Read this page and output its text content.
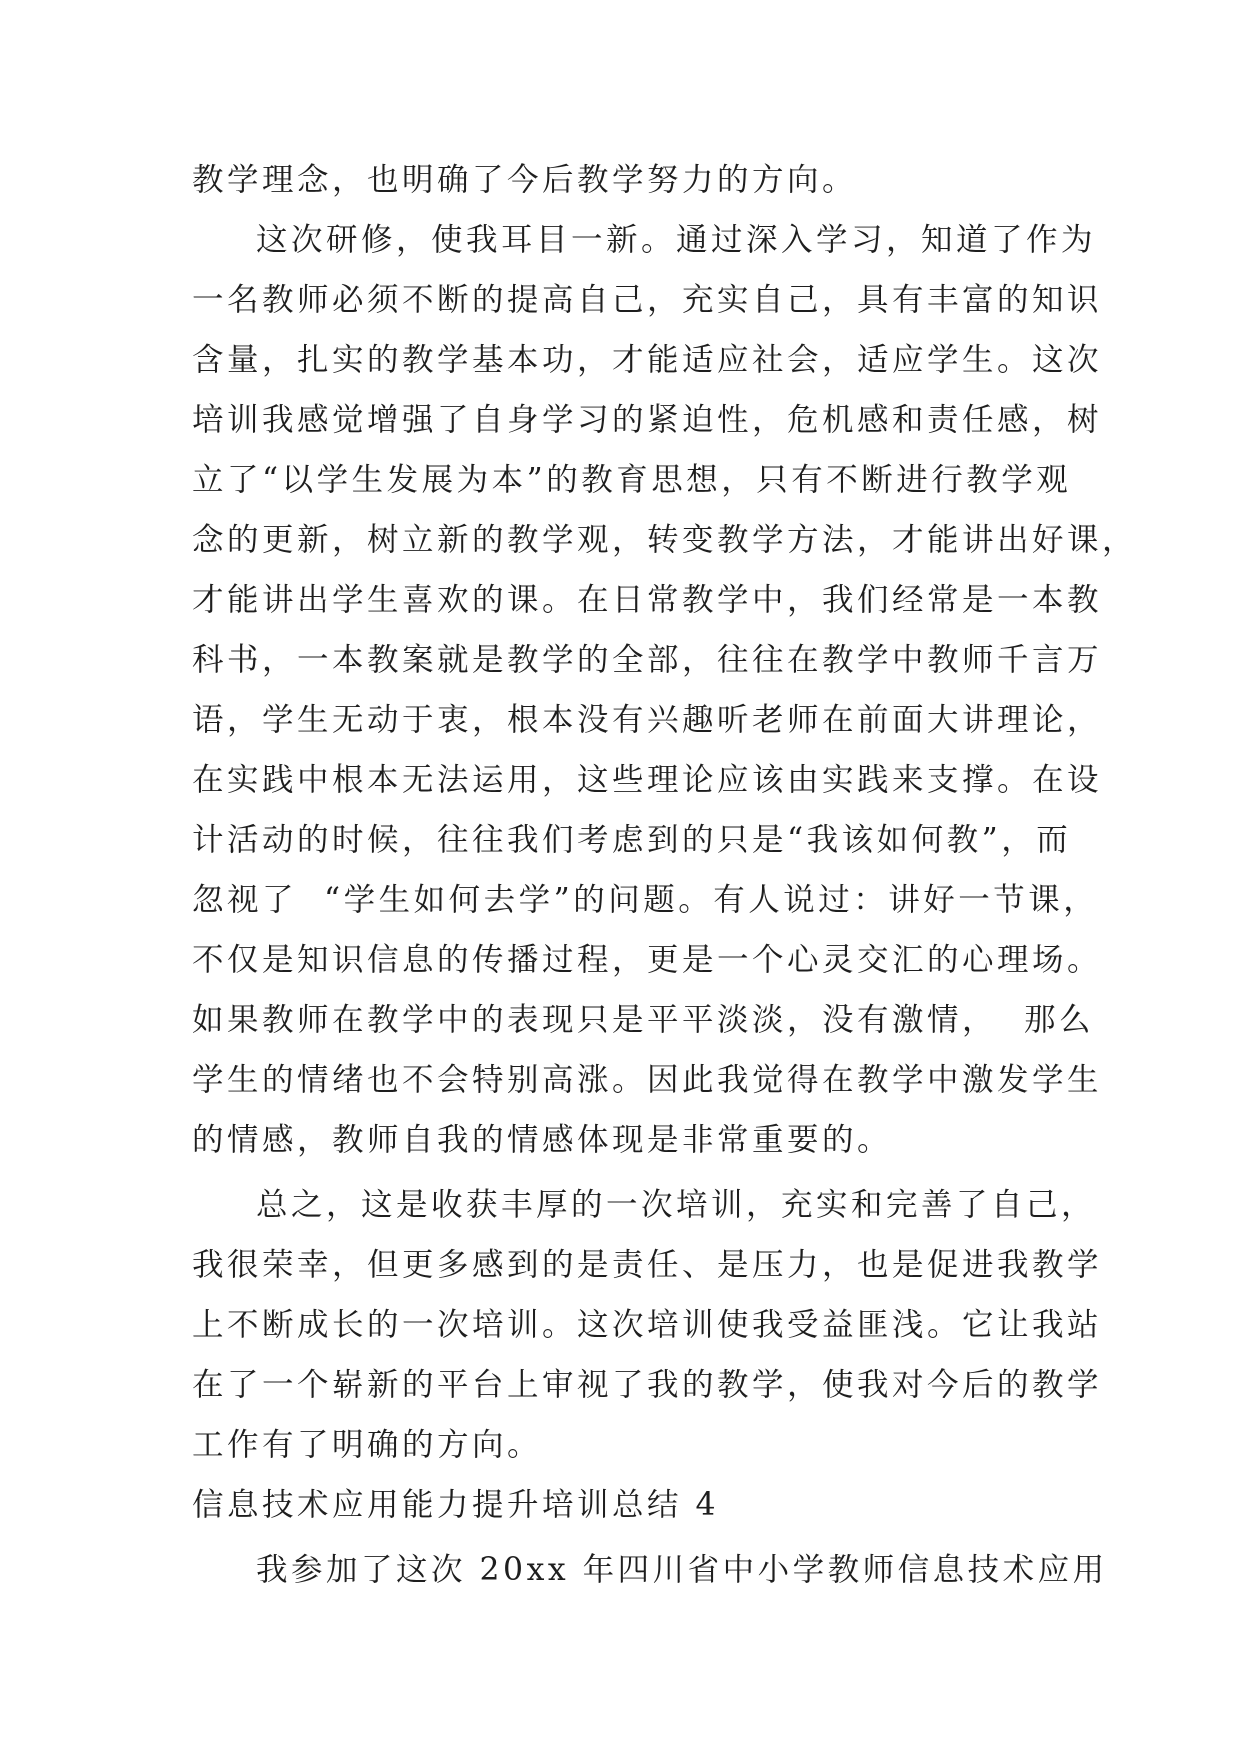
教学理念，也明确了今后教学努力的方向。
这次研修，使我耳目一新。通过深入学习，知道了作为
一名教师必须不断的提高自己，充实自己，具有丰富的知识
含量，扎实的教学基本功，才能适应社会，适应学生。这次
培训我感觉增强了自身学习的紧迫性，危机感和责任感，树
立了“以学生发展为本”的教育思想，只有不断进行教学观
念的更新，树立新的教学观，转变教学方法，才能讲出好课，
才能讲出学生喜欢的课。在日常教学中，我们经常是一本教
科书，一本教案就是教学的全部，往往在教学中教师千言万
语，学生无动于衷，根本没有兴趣听老师在前面大讲理论，
在实践中根本无法运用，这些理论应该由实践来支撑。在设
计活动的时候，往往我们考虑到的只是“我该如何教”，而
忽视了  “学生如何去学”的问题。有人说过：讲好一节课，
不仅是知识信息的传播过程，更是一个心灵交汇的心理场。
如果教师在教学中的表现只是平平淡淡，没有激情，  那么
学生的情绪也不会特别高涨。因此我觉得在教学中激发学生
的情感，教师自我的情感体现是非常重要的。
总之，这是收获丰厚的一次培训，充实和完善了自己，
我很荣幸，但更多感到的是责任、是压力，也是促进我教学
上不断成长的一次培训。这次培训使我受益匪浅。它让我站
在了一个崭新的平台上审视了我的教学，使我对今后的教学
工作有了明确的方向。
信息技术应用能力提升培训总结 4
我参加了这次 20xx 年四川省中小学教师信息技术应用
